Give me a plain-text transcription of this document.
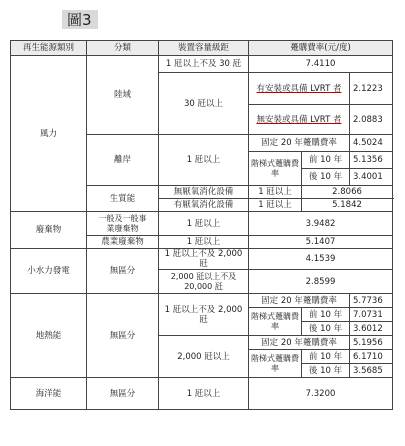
圖3
再生能源類別	分類	裝置容量級距	躉購費率(元/度)		
風力	陸域	1 瓩以上不及 30 瓩	7.4110		
		30 瓩以上	有安裝或具備 LVRT 者		2.1223
			無安裝或具備 LVRT 者		2.0883
	離岸	1 瓩以上	固定 20 年躉購費率		4.5024
			階梯式躉購費率	前 10 年	5.1356
				後 10 年	3.4001
	生質能	無厭氧消化設備	1 瓩以上	2.8066	
		有厭氧消化設備	1 瓩以上	5.1842	
廢棄物	一般及一般事業廢棄物	1 瓩以上	3.9482		
	農業廢棄物	1 瓩以上	5.1407		
小水力發電	無區分	1 瓩以上不及 2,000 瓩	4.1539		
		2,000 瓩以上不及 20,000 瓩	2.8599		
地熱能	無區分	1 瓩以上不及 2,000 瓩	固定 20 年躉購費率		5.7736
			階梯式躉購費率	前 10 年	7.0731
				後 10 年	3.6012
		2,000 瓩以上	固定 20 年躉購費率		5.1956
			階梯式躉購費率	前 10 年	6.1710
				後 10 年	3.5685
海洋能	無區分	1 瓩以上	7.3200		
